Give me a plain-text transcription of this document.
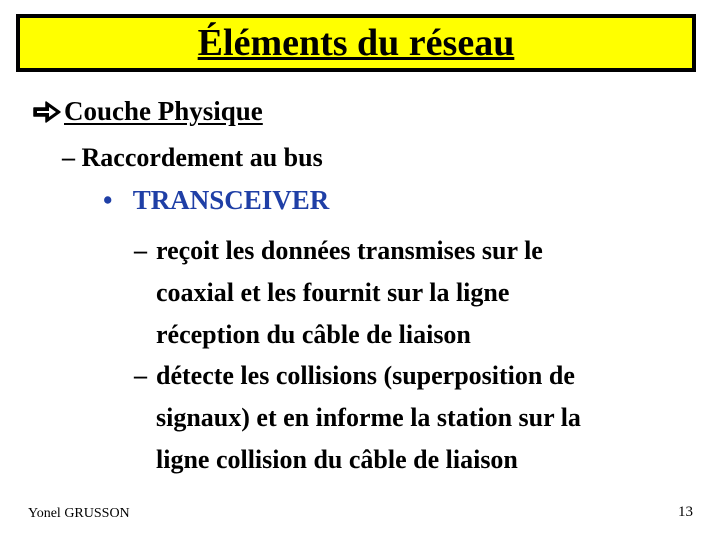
Éléments du réseau
Couche Physique
– Raccordement au bus
• TRANSCEIVER
– reçoit les données transmises sur le
coaxial et les fournit sur la ligne
réception du câble de liaison
– détecte les collisions (superposition de
signaux) et en informe la station sur la
ligne collision du câble de liaison
Yonel GRUSSON	13
